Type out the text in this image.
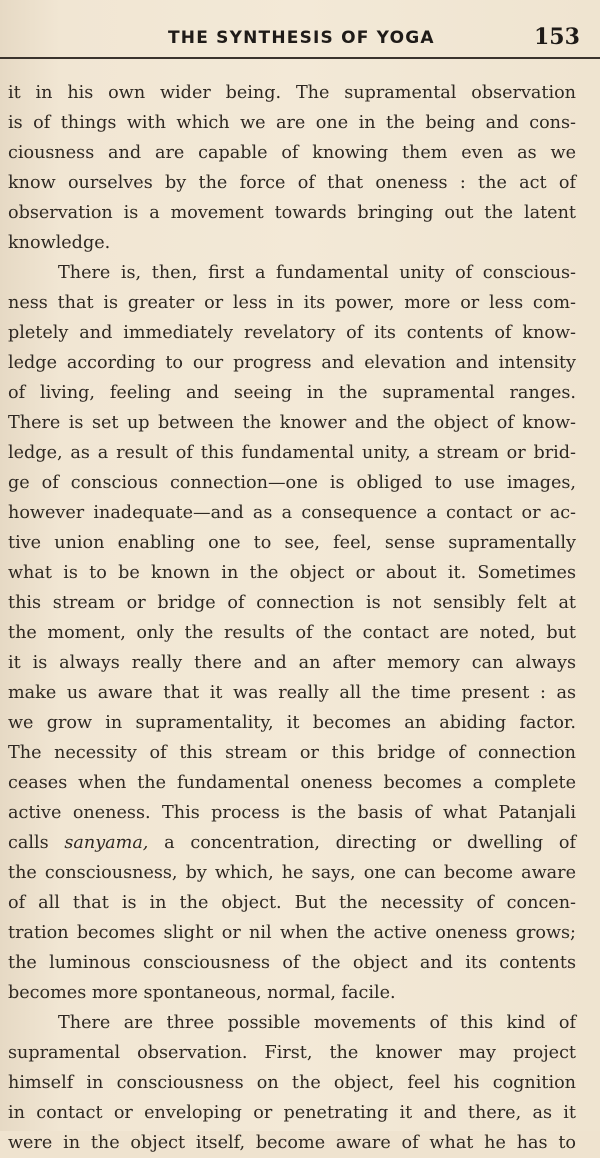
THE SYNTHESIS OF YOGA	153
it in his own wider being. The supramental observation
is of things with which we are one in the being and cons-
ciousness and are capable of knowing them even as we
know ourselves by the force of that oneness : the act of
observation is a movement towards bringing out the latent
knowledge.
There is, then, first a fundamental unity of conscious-
ness that is greater or less in its power, more or less com-
pletely and immediately revelatory of its contents of know-
ledge according to our progress and elevation and intensity
of living, feeling and seeing in the supramental ranges.
There is set up between the knower and the object of know-
ledge, as a result of this fundamental unity, a stream or brid-
ge of conscious connection—one is obliged to use images,
however inadequate—and as a consequence a contact or ac-
tive union enabling one to see, feel, sense supramentally
what is to be known in the object or about it. Sometimes
this stream or bridge of connection is not sensibly felt at
the moment, only the results of the contact are noted, but
it is always really there and an after memory can always
make us aware that it was really all the time present : as
we grow in supramentality, it becomes an abiding factor.
The necessity of this stream or this bridge of connection
ceases when the fundamental oneness becomes a complete
active oneness. This process is the basis of what Patanjali
calls sanyama, a concentration, directing or dwelling of
the consciousness, by which, he says, one can become aware
of all that is in the object. But the necessity of concen-
tration becomes slight or nil when the active oneness grows;
the luminous consciousness of the object and its contents
becomes more spontaneous, normal, facile.
There are three possible movements of this kind of
supramental observation. First, the knower may project
himself in consciousness on the object, feel his cognition
in contact or enveloping or penetrating it and there, as it
were in the object itself, become aware of what he has to
